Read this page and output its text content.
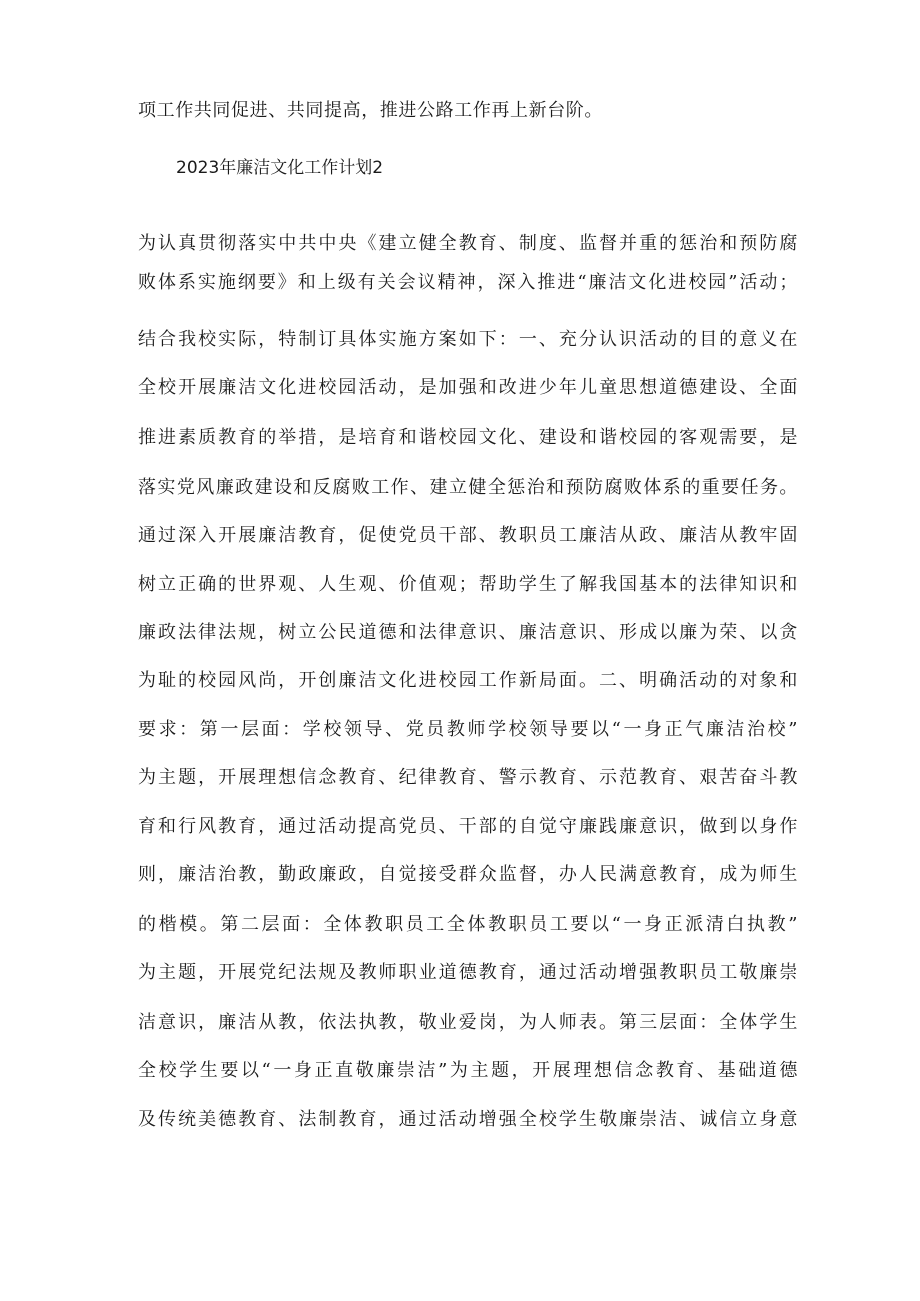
项工作共同促进、共同提高，推进公路工作再上新台阶。
2023年廉洁文化工作计划2
为认真贯彻落实中共中央《建立健全教育、制度、监督并重的惩治和预防腐
败体系实施纲要》和上级有关会议精神，深入推进“廉洁文化进校园”活动；
结合我校实际，特制订具体实施方案如下：一、充分认识活动的目的意义在
全校开展廉洁文化进校园活动，是加强和改进少年儿童思想道德建设、全面
推进素质教育的举措，是培育和谐校园文化、建设和谐校园的客观需要，是
落实党风廉政建设和反腐败工作、建立健全惩治和预防腐败体系的重要任务。
通过深入开展廉洁教育，促使党员干部、教职员工廉洁从政、廉洁从教牢固
树立正确的世界观、人生观、价值观；帮助学生了解我国基本的法律知识和
廉政法律法规，树立公民道德和法律意识、廉洁意识、形成以廉为荣、以贪
为耻的校园风尚，开创廉洁文化进校园工作新局面。二、明确活动的对象和
要求：第一层面：学校领导、党员教师学校领导要以“一身正气廉洁治校”
为主题，开展理想信念教育、纪律教育、警示教育、示范教育、艰苦奋斗教
育和行风教育，通过活动提高党员、干部的自觉守廉践廉意识，做到以身作
则，廉洁治教，勤政廉政，自觉接受群众监督，办人民满意教育，成为师生
的楷模。第二层面：全体教职员工全体教职员工要以“一身正派清白执教”
为主题，开展党纪法规及教师职业道德教育，通过活动增强教职员工敬廉崇
洁意识，廉洁从教，依法执教，敬业爱岗，为人师表。第三层面：全体学生
全校学生要以“一身正直敬廉崇洁”为主题，开展理想信念教育、基础道德
及传统美德教育、法制教育，通过活动增强全校学生敬廉崇洁、诚信立身意
